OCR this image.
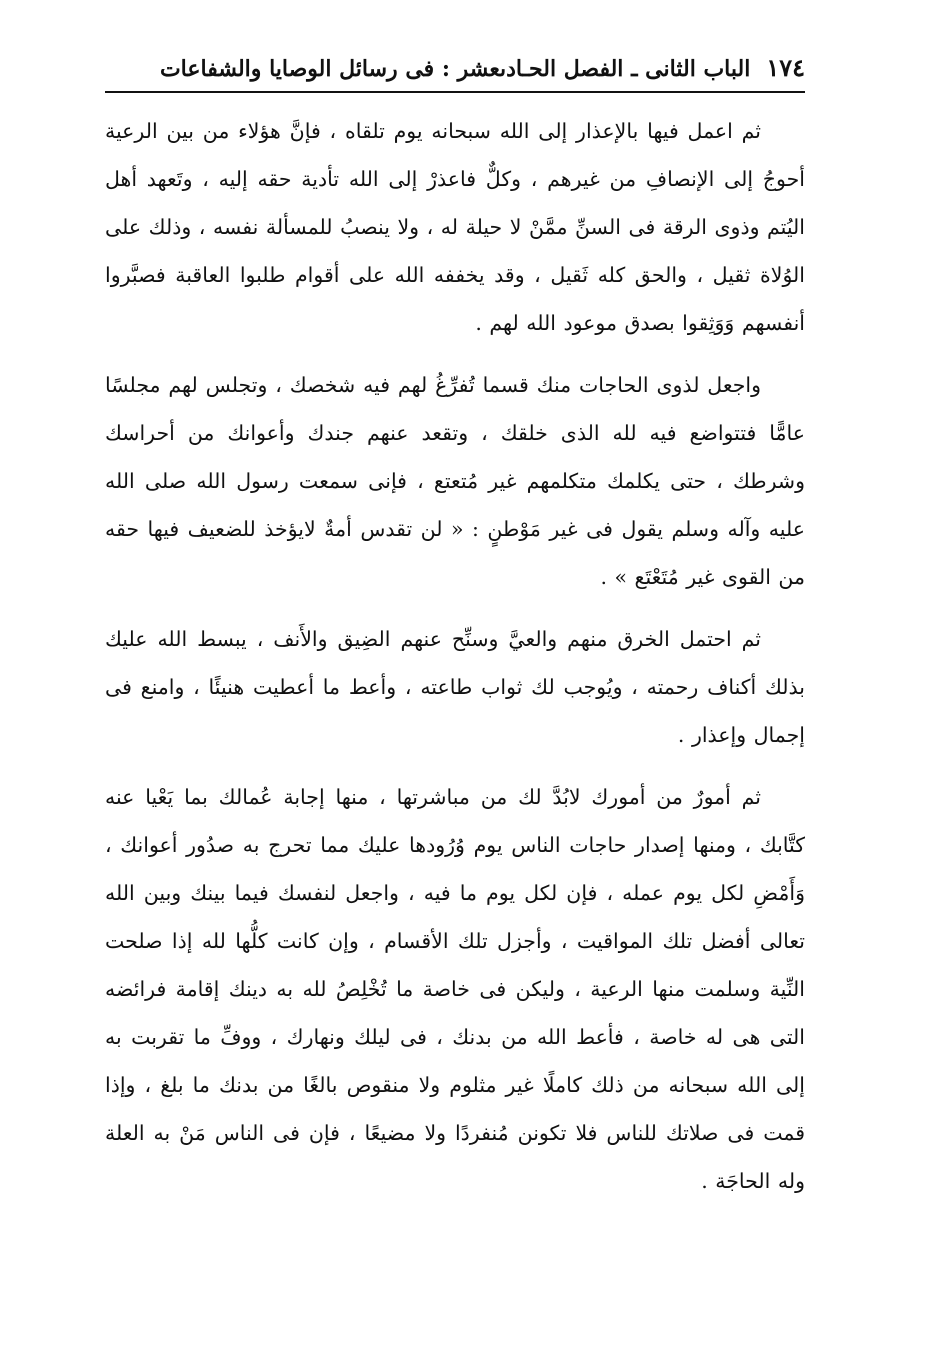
١٧٤
الباب الثانى ـ الفصل الحـادىعشر : فى رسائل الوصايا والشفاعات

ثم اعمل فيها بالإعذار إلى الله سبحانه يوم تلقاه ، فإنَّ هؤلاء من بين الرعية أحوجُ إلى الإنصافِ من غيرهم ، وكلٌّ فاعذرْ إلى الله تأدية حقه إليه ، وتَعهد أهل اليُتم وذوى الرقة فى السنِّ ممَّنْ لا حيلة له ، ولا ينصبُ للمسألة نفسه ، وذلك على الوُلاة ثقيل ، والحق كله ثَقيل ، وقد يخففه الله على أقوام طلبوا العاقبة فصبَّروا أنفسهم وَوَثِقوا بصدق موعود الله لهم .

واجعل لذوى الحاجات منك قسما تُفرِّغُ لهم فيه شخصك ، وتجلس لهم مجلسًا عامًّا فتتواضع فيه لله الذى خلقك ، وتقعد عنهم جندك وأعوانك من أحراسك وشرطك ، حتى يكلمك متكلمهم غير مُتعتع ، فإنى سمعت رسول الله صلى الله عليه وآله وسلم يقول فى غير مَوْطنٍ : « لن تقدس أمةٌ لايؤخذ للضعيف فيها حقه من القوى غير مُتَعْتَع » .

ثم احتمل الخرق منهم والعيَّ وسنِّح عنهم الضِيق والأَنف ، يبسط الله عليك بذلك أكناف رحمته ، ويُوجب لك ثواب طاعته ، وأعط ما أعطيت هنيئًا ، وامنع فى إجمال وإعذار .

ثم أمورٌ من أمورك لابُدَّ لك من مباشرتها ، منها إجابة عُمالك بما يَعْيا عنه كتَّابك ، ومنها إصدار حاجات الناس يوم وُرُودها عليك مما تحرج به صدُور أعوانك ، وَأَمْضِ لكل يوم عمله ، فإن لكل يوم ما فيه ، واجعل لنفسك فيما بينك وبين الله تعالى أفضل تلك المواقيت ، وأجزل تلك الأقسام ، وإن كانت كلُّها لله إذا صلحت النِّية وسلمت منها الرعية ، وليكن فى خاصة ما تُخْلِصُ لله به دينك إقامة فرائضه التى هى له خاصة ، فأعط الله من بدنك ، فى ليلك ونهارك ، ووفِّ ما تقربت به إلى الله سبحانه من ذلك كاملًا غير مثلوم ولا منقوص بالغًا من بدنك ما بلغ ، وإذا قمت فى صلاتك للناس فلا تكونن مُنفردًا ولا مضيعًا ، فإن فى الناس مَنْ به العلة وله الحاجَة .
